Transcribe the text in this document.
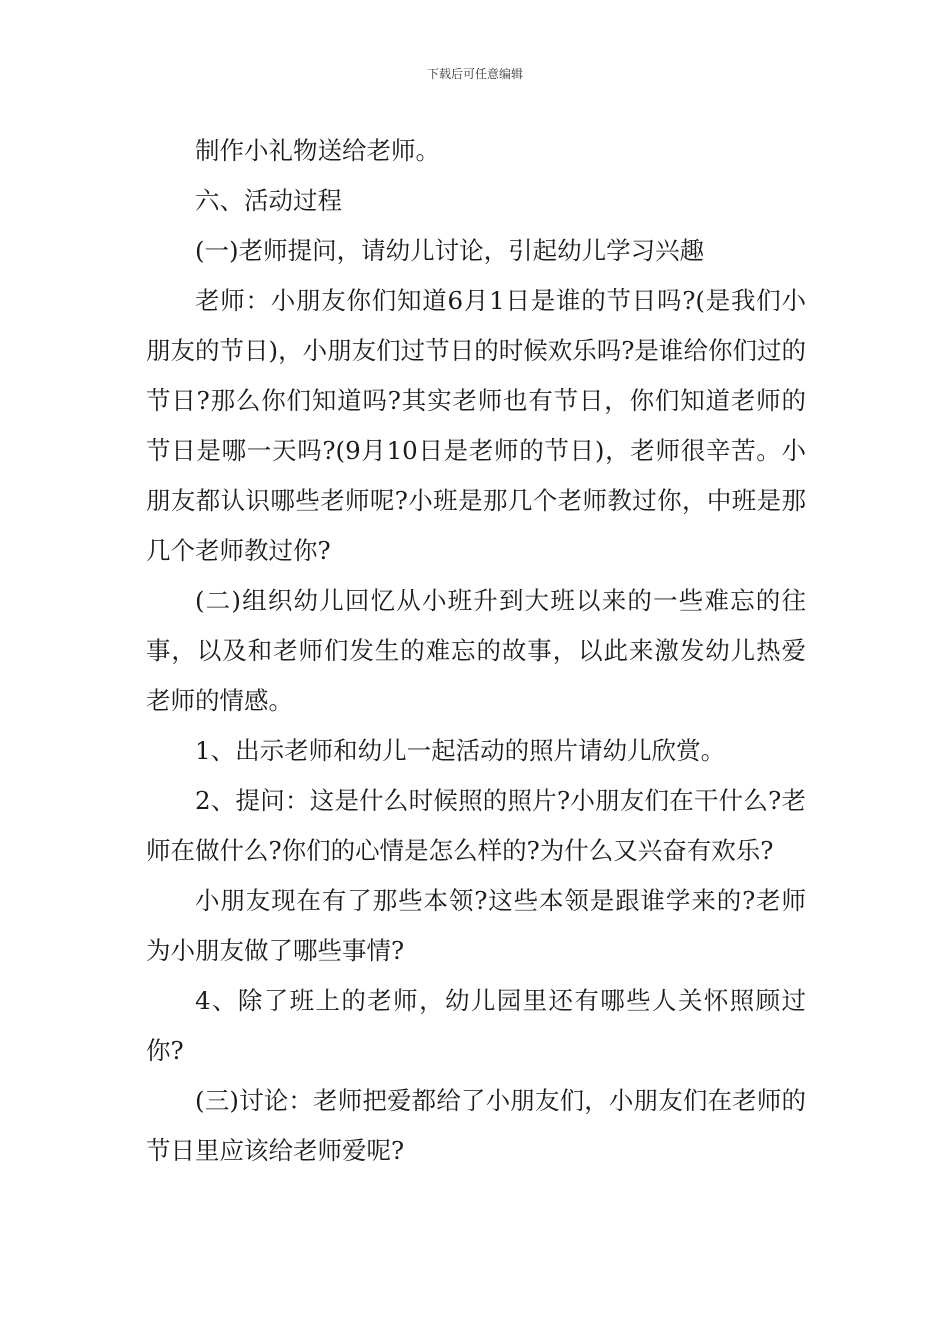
下载后可任意编辑

制作小礼物送给老师。

六、活动过程

(一)老师提问，请幼儿讨论，引起幼儿学习兴趣

老师：小朋友你们知道6月1日是谁的节日吗?(是我们小朋友的节日)，小朋友们过节日的时候欢乐吗?是谁给你们过的节日?那么你们知道吗?其实老师也有节日，你们知道老师的节日是哪一天吗?(9月10日是老师的节日)，老师很辛苦。小朋友都认识哪些老师呢?小班是那几个老师教过你，中班是那几个老师教过你?

(二)组织幼儿回忆从小班升到大班以来的一些难忘的往事，以及和老师们发生的难忘的故事，以此来激发幼儿热爱老师的情感。

1、出示老师和幼儿一起活动的照片请幼儿欣赏。

2、提问：这是什么时候照的照片?小朋友们在干什么?老师在做什么?你们的心情是怎么样的?为什么又兴奋有欢乐?

小朋友现在有了那些本领?这些本领是跟谁学来的?老师为小朋友做了哪些事情?

4、除了班上的老师，幼儿园里还有哪些人关怀照顾过你?

(三)讨论：老师把爱都给了小朋友们，小朋友们在老师的节日里应该给老师爱呢?
